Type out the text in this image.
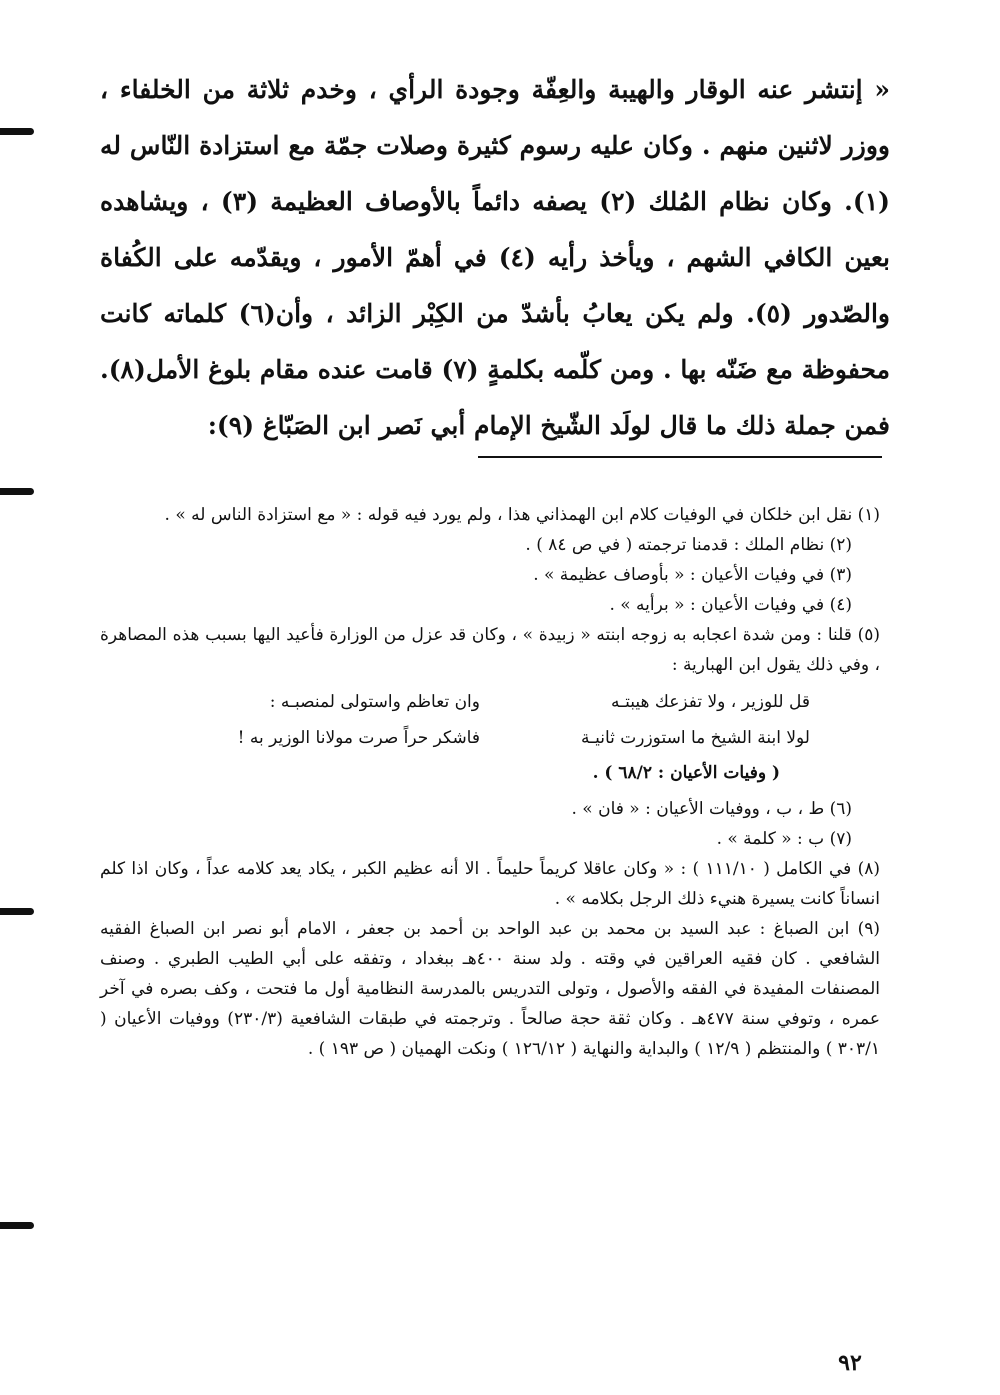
« إنتشر عنه الوقار والهيبة والعِفّة وجودة الرأي ، وخدم ثلاثة من الخلفاء ، ووزر لاثنين منهم . وكان عليه رسوم كثيرة وصلات جمّة مع استزادة النّاس له (١). وكان نظام المُلك (٢) يصفه دائماً بالأوصاف العظيمة (٣) ، ويشاهده بعين الكافي الشهم ، ويأخذ رأيه (٤) في أهمّ الأمور ، ويقدّمه على الكُفاة والصّدور (٥). ولم يكن يعابُ بأشدّ من الكِبْر الزائد ، وأن(٦) كلماته كانت محفوظة مع ضَنّه بها . ومن كلّمه بكلمةٍ (٧) قامت عنده مقام بلوغ الأمل(٨). فمن جملة ذلك ما قال لولَد الشّيخ الإمام أبي نَصر ابن الصَبّاغ (٩):

(١) نقل ابن خلكان في الوفيات كلام ابن الهمذاني هذا ، ولم يورد فيه قوله : « مع استزادة الناس له » .

(٢) نظام الملك : قدمنا ترجمته ( في ص ٨٤ ) .

(٣) في وفيات الأعيان : « بأوصاف عظيمة » .

(٤) في وفيات الأعيان : « برأيه » .

(٥) قلنا : ومن شدة اعجابه به زوجه ابنته « زبيدة » ، وكان قد عزل من الوزارة فأعيد اليها بسبب هذه المصاهرة ، وفي ذلك يقول ابن الهبارية :

قل للوزير ، ولا تفزعك هيبتـه
وان تعاظم واستولى لمنصبـه :
لولا ابنة الشيخ ما استوزرت ثانيـة
فاشكر حراً صرت مولانا الوزير به !

( وفيات الأعيان : ٦٨/٢ ) .

(٦) ط ، ب ، ووفيات الأعيان : « فان » .

(٧) ب : « كلمة » .

(٨) في الكامل ( ١١١/١٠ ) : « وكان عاقلا كريماً حليماً . الا أنه عظيم الكبر ، يكاد يعد كلامه عداً ، وكان اذا كلم انساناً كانت يسيرة هنيء ذلك الرجل بكلامه » .

(٩) ابن الصباغ : عبد السيد بن محمد بن عبد الواحد بن أحمد بن جعفر ، الامام أبو نصر ابن الصباغ الفقيه الشافعي . كان فقيه العراقين في وقته . ولد سنة ٤٠٠هـ ببغداد ، وتفقه على أبي الطيب الطبري . وصنف المصنفات المفيدة في الفقه والأصول ، وتولى التدريس بالمدرسة النظامية أول ما فتحت ، وكف بصره في آخر عمره ، وتوفي سنة ٤٧٧هـ . وكان ثقة حجة صالحاً . وترجمته في طبقات الشافعية (٢٣٠/٣) ووفيات الأعيان ( ٣٠٣/١ ) والمنتظم ( ١٢/٩ ) والبداية والنهاية ( ١٢٦/١٢ ) ونكت الهميان ( ص ١٩٣ ) .

٩٢
